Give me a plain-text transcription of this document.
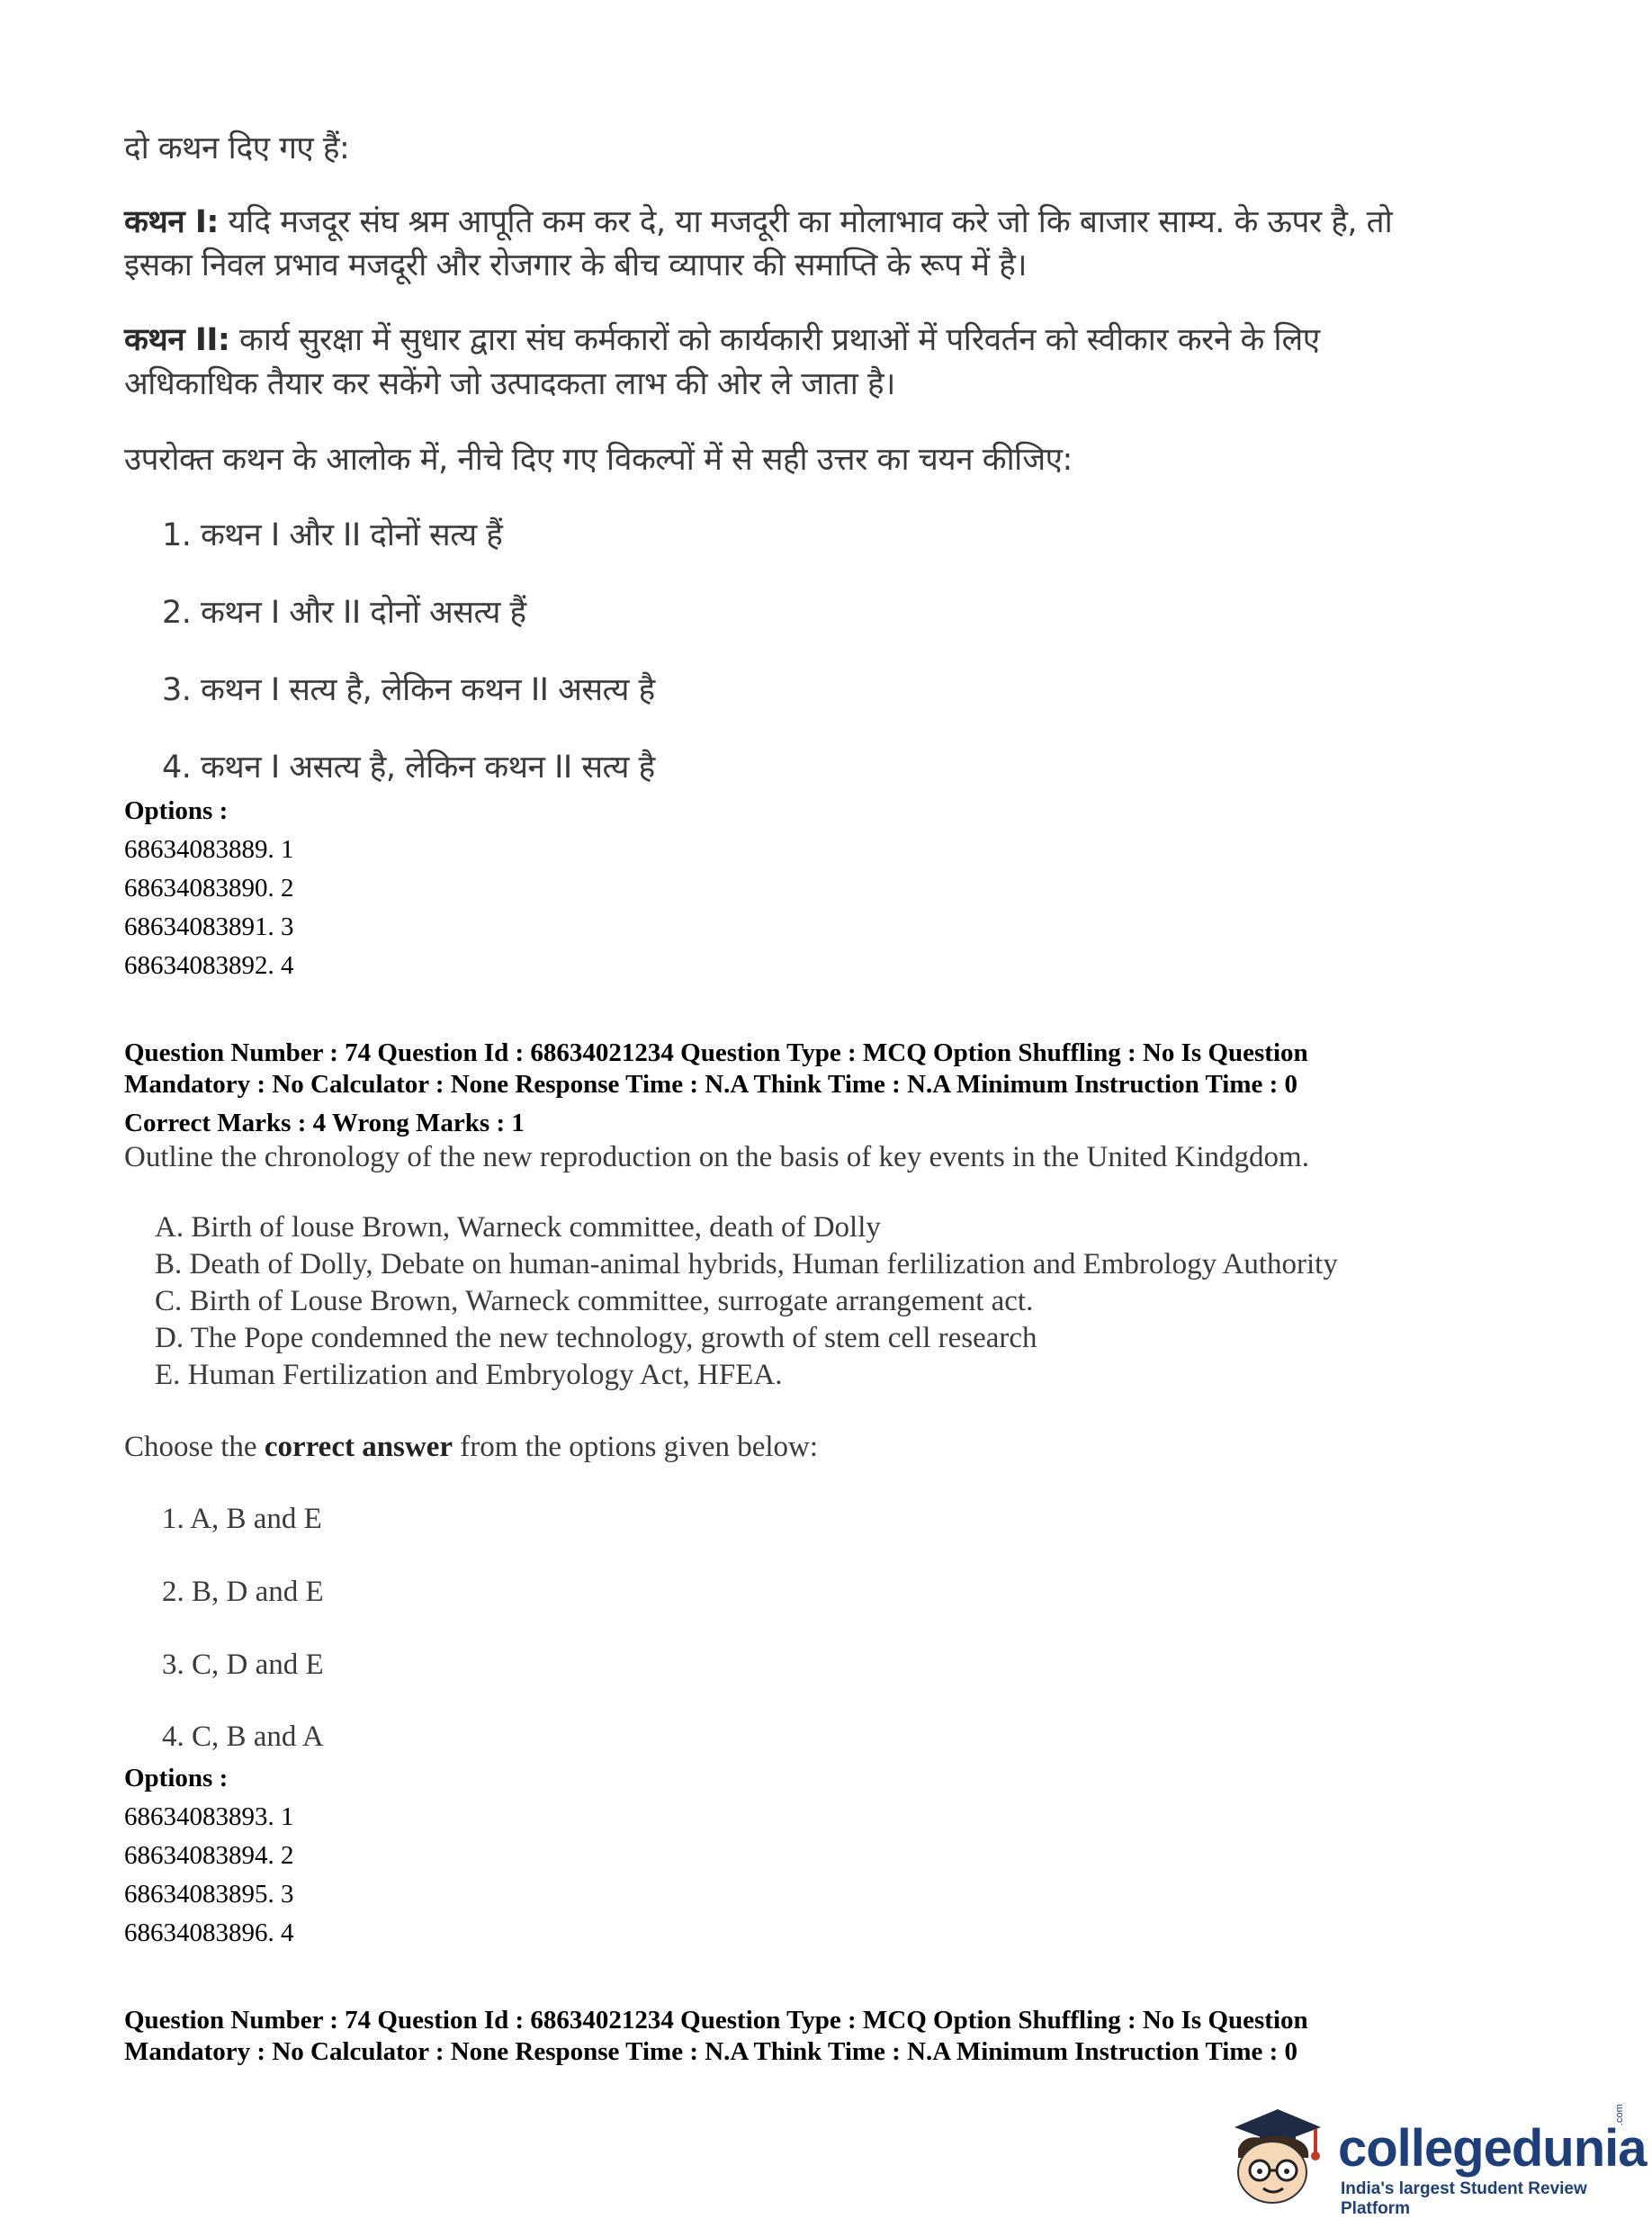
दो कथन दिए गए हैं:
कथन I: यदि मजदूर संघ श्रम आपूति कम कर दे, या मजदूरी का मोलाभाव करे जो कि बाजार साम्य. के ऊपर है, तो
इसका निवल प्रभाव मजदूरी और रोजगार के बीच व्यापार की समाप्ति के रूप में है।
कथन II: कार्य सुरक्षा में सुधार द्वारा संघ कर्मकारों को कार्यकारी प्रथाओं में परिवर्तन को स्वीकार करने के लिए
अधिकाधिक तैयार कर सकेंगे जो उत्पादकता लाभ की ओर ले जाता है।
उपरोक्त कथन के आलोक में, नीचे दिए गए विकल्पों में से सही उत्तर का चयन कीजिए:
1. कथन I और II दोनों सत्य हैं
2. कथन I और II दोनों असत्य हैं
3. कथन I सत्य है, लेकिन कथन II असत्य है
4. कथन I असत्य है, लेकिन कथन II सत्य है
Options :
68634083889. 1
68634083890. 2
68634083891. 3
68634083892. 4
Question Number : 74 Question Id : 68634021234 Question Type : MCQ Option Shuffling : No Is Question
Mandatory : No Calculator : None Response Time : N.A Think Time : N.A Minimum Instruction Time : 0
Correct Marks : 4 Wrong Marks : 1
Outline the chronology of the new reproduction on the basis of key events in the United Kindgdom.
A. Birth of louse Brown, Warneck committee, death of Dolly
B. Death of Dolly, Debate on human-animal hybrids, Human ferlilization and Embrology Authority
C. Birth of Louse Brown, Warneck committee, surrogate arrangement act.
D. The Pope condemned the new technology, growth of stem cell research
E. Human Fertilization and Embryology Act, HFEA.
Choose the correct answer from the options given below:
1. A, B and E
2. B, D and E
3. C, D and E
4. C, B and A
Options :
68634083893. 1
68634083894. 2
68634083895. 3
68634083896. 4
Question Number : 74 Question Id : 68634021234 Question Type : MCQ Option Shuffling : No Is Question
Mandatory : No Calculator : None Response Time : N.A Think Time : N.A Minimum Instruction Time : 0
collegedunia
.com
India's largest Student Review Platform
